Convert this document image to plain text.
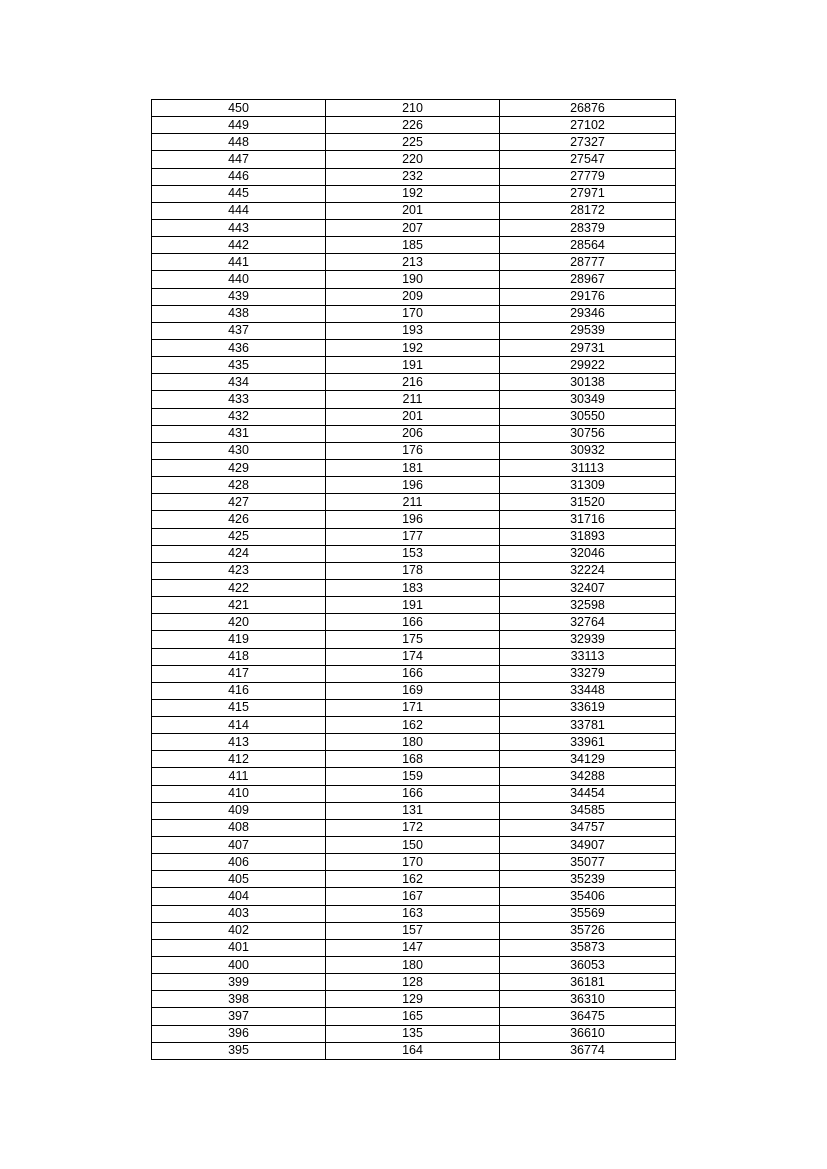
450	210	26876
449	226	27102
448	225	27327
447	220	27547
446	232	27779
445	192	27971
444	201	28172
443	207	28379
442	185	28564
441	213	28777
440	190	28967
439	209	29176
438	170	29346
437	193	29539
436	192	29731
435	191	29922
434	216	30138
433	211	30349
432	201	30550
431	206	30756
430	176	30932
429	181	31113
428	196	31309
427	211	31520
426	196	31716
425	177	31893
424	153	32046
423	178	32224
422	183	32407
421	191	32598
420	166	32764
419	175	32939
418	174	33113
417	166	33279
416	169	33448
415	171	33619
414	162	33781
413	180	33961
412	168	34129
411	159	34288
410	166	34454
409	131	34585
408	172	34757
407	150	34907
406	170	35077
405	162	35239
404	167	35406
403	163	35569
402	157	35726
401	147	35873
400	180	36053
399	128	36181
398	129	36310
397	165	36475
396	135	36610
395	164	36774
